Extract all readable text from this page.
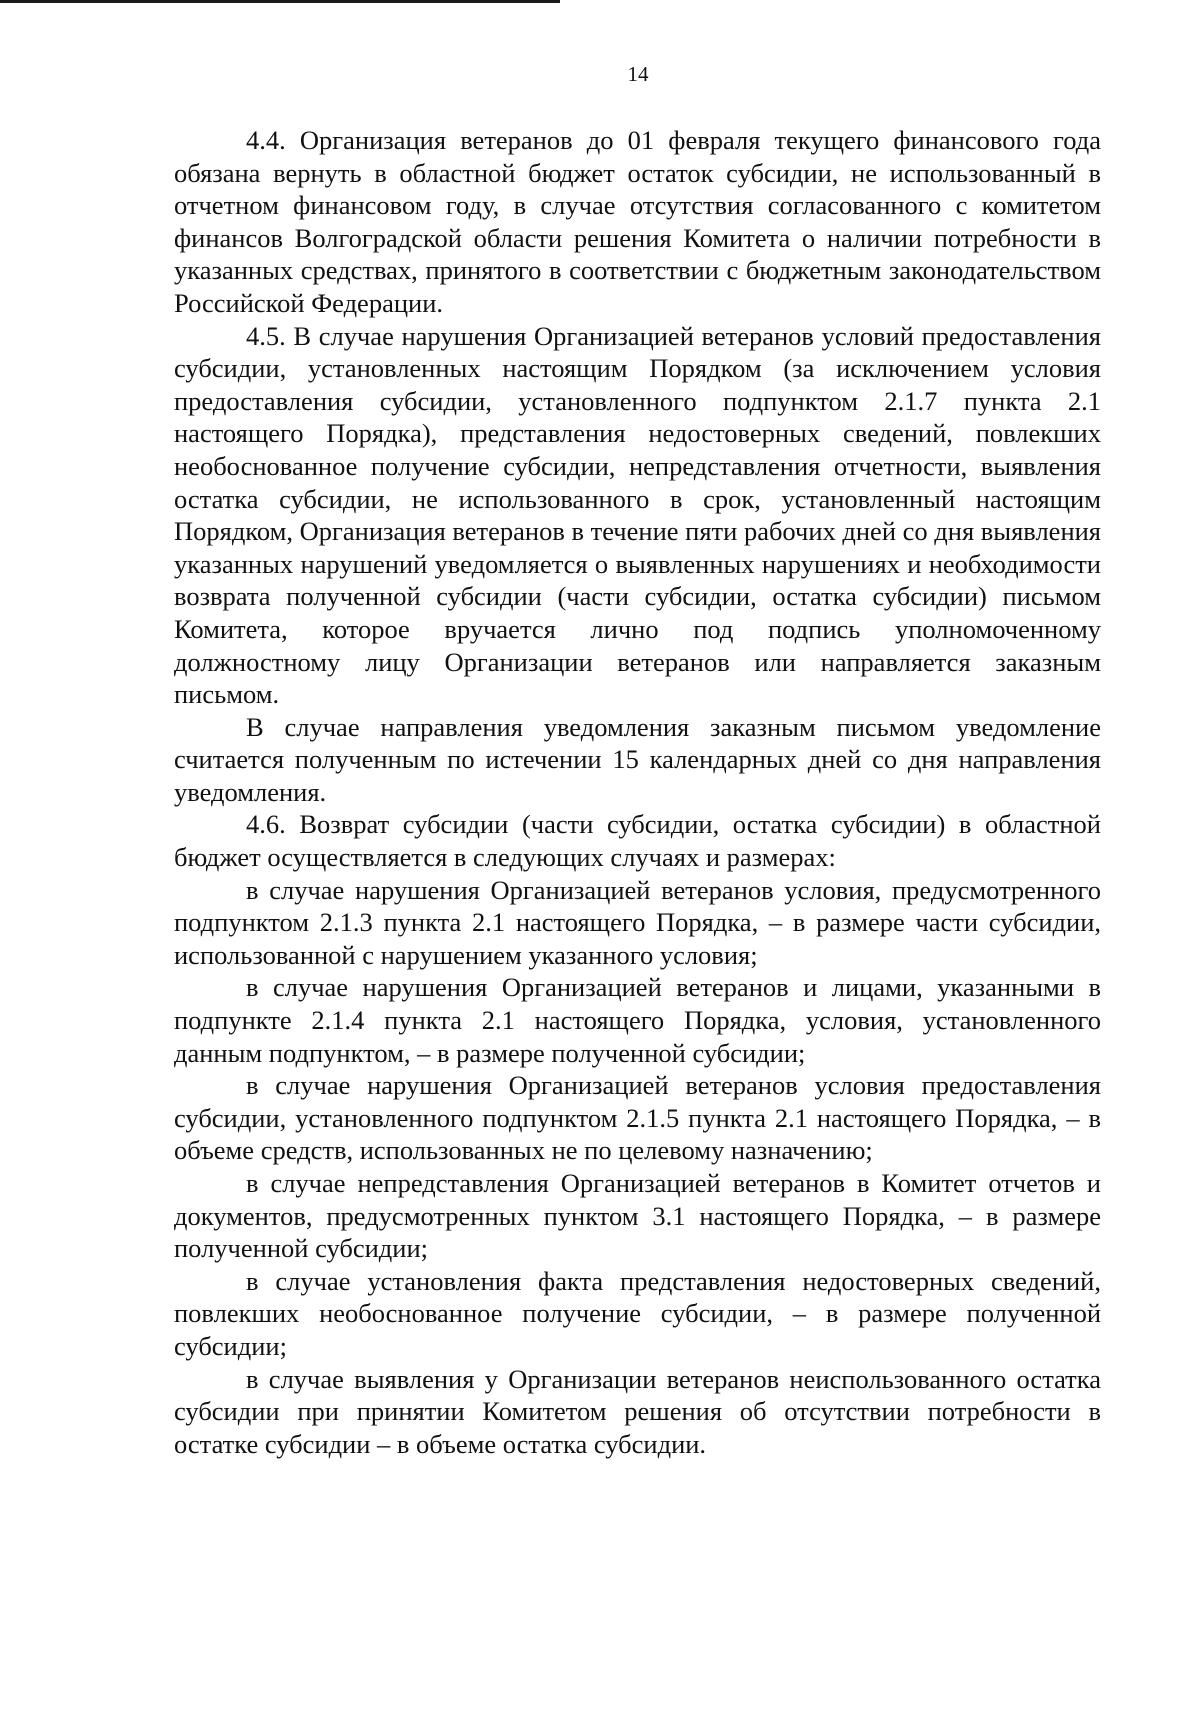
14

4.4. Организация ветеранов до 01 февраля текущего финансового года обязана вернуть в областной бюджет остаток субсидии, не использованный в отчетном финансовом году, в случае отсутствия согласованного с комитетом финансов Волгоградской области решения Комитета о наличии потребности в указанных средствах, принятого в соответствии с бюджетным законодательством Российской Федерации.

4.5. В случае нарушения Организацией ветеранов условий предоставления субсидии, установленных настоящим Порядком (за исключением условия предоставления субсидии, установленного подпунктом 2.1.7 пункта 2.1 настоящего Порядка), представления недостоверных сведений, повлекших необоснованное получение субсидии, непредставления отчетности, выявления остатка субсидии, не использованного в срок, установленный настоящим Порядком, Организация ветеранов в течение пяти рабочих дней со дня выявления указанных нарушений уведомляется о выявленных нарушениях и необходимости возврата полученной субсидии (части субсидии, остатка субсидии) письмом Комитета, которое вручается лично под подпись уполномоченному должностному лицу Организации ветеранов или направляется заказным письмом.

В случае направления уведомления заказным письмом уведомление считается полученным по истечении 15 календарных дней со дня направления уведомления.

4.6. Возврат субсидии (части субсидии, остатка субсидии) в областной бюджет осуществляется в следующих случаях и размерах:

в случае нарушения Организацией ветеранов условия, предусмотренного подпунктом 2.1.3 пункта 2.1 настоящего Порядка, – в размере части субсидии, использованной с нарушением указанного условия;

в случае нарушения Организацией ветеранов и лицами, указанными в подпункте 2.1.4 пункта 2.1 настоящего Порядка, условия, установленного данным подпунктом, – в размере полученной субсидии;

в случае нарушения Организацией ветеранов условия предоставления субсидии, установленного подпунктом 2.1.5 пункта 2.1 настоящего Порядка, – в объеме средств, использованных не по целевому назначению;

в случае непредставления Организацией ветеранов в Комитет отчетов и документов, предусмотренных пунктом 3.1 настоящего Порядка, – в размере полученной субсидии;

в случае установления факта представления недостоверных сведений, повлекших необоснованное получение субсидии, – в размере полученной субсидии;

в случае выявления у Организации ветеранов неиспользованного остатка субсидии при принятии Комитетом решения об отсутствии потребности в остатке субсидии – в объеме остатка субсидии.
